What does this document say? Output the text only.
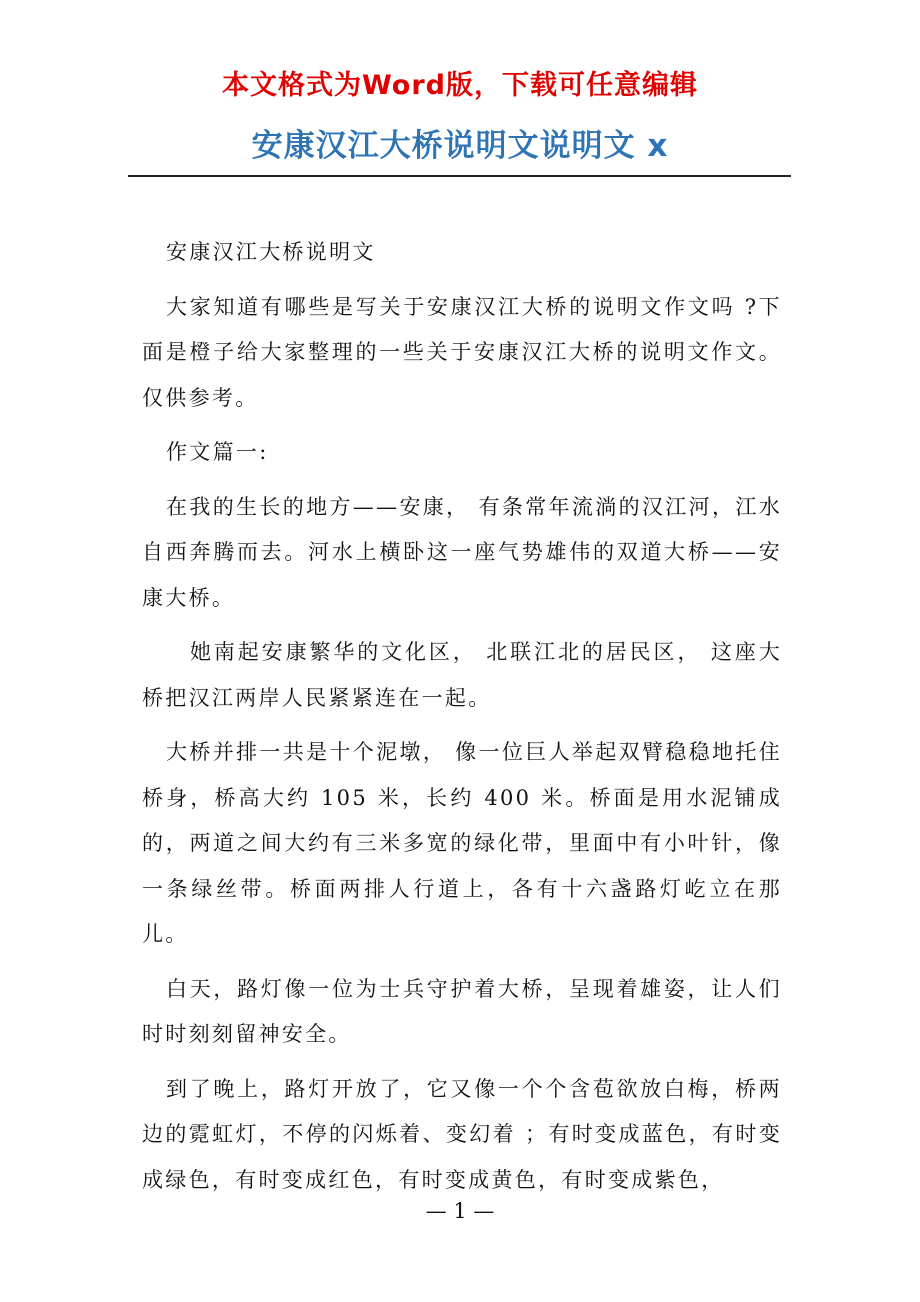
本文格式为Word版，下载可任意编辑
安康汉江大桥说明文说明文 x

安康汉江大桥说明文

大家知道有哪些是写关于安康汉江大桥的说明文作文吗 ?下面是橙子给大家整理的一些关于安康汉江大桥的说明文作文。仅供参考。

作文篇一:

在我的生长的地方——安康， 有条常年流淌的汉江河，江水自西奔腾而去。河水上横卧这一座气势雄伟的双道大桥——安康大桥。

她南起安康繁华的文化区， 北联江北的居民区， 这座大桥把汉江两岸人民紧紧连在一起。

大桥并排一共是十个泥墩， 像一位巨人举起双臂稳稳地托住桥身，桥高大约 105 米，长约 400 米。桥面是用水泥铺成的，两道之间大约有三米多宽的绿化带，里面中有小叶针，像一条绿丝带。桥面两排人行道上，各有十六盏路灯屹立在那儿。

白天，路灯像一位为士兵守护着大桥，呈现着雄姿，让人们时时刻刻留神安全。

到了晚上，路灯开放了，它又像一个个含苞欲放白梅，桥两边的霓虹灯，不停的闪烁着、变幻着 ；有时变成蓝色，有时变成绿色，有时变成红色，有时变成黄色，有时变成紫色，

— 1 —
